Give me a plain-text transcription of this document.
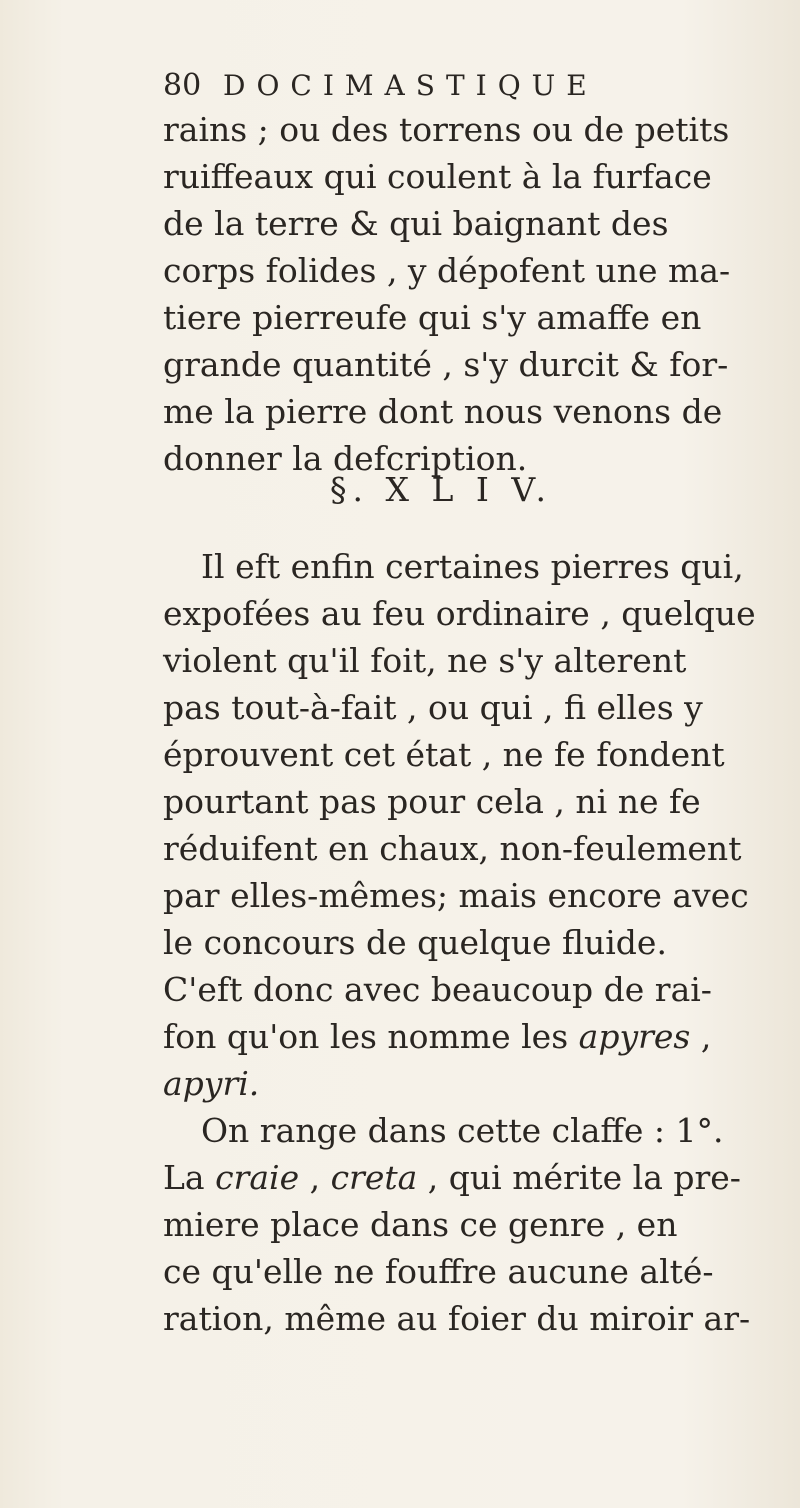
80 DOCIMASTIQUE
rains ; ou des torrens ou de petits
ruiffeaux qui coulent à la furface
de la terre & qui baignant des
corps folides , y dépofent une ma-
tiere pierreufe qui s'y amaffe en
grande quantité , s'y durcit & for-
me la pierre dont nous venons de
donner la defcription.
§. X L I V.
Il eft enfin certaines pierres qui,
expofées au feu ordinaire , quelque
violent qu'il foit, ne s'y alterent
pas tout-à-fait , ou qui , fi elles y
éprouvent cet état , ne fe fondent
pourtant pas pour cela , ni ne fe
réduifent en chaux, non-feulement
par elles-mêmes; mais encore avec
le concours de quelque fluide.
C'eft donc avec beaucoup de rai-
fon qu'on les nomme les apyres ,
apyri.
On range dans cette claffe : 1°.
La craie , creta , qui mérite la pre-
miere place dans ce genre , en
ce qu'elle ne fouffre aucune alté-
ration, même au foier du miroir ar-
